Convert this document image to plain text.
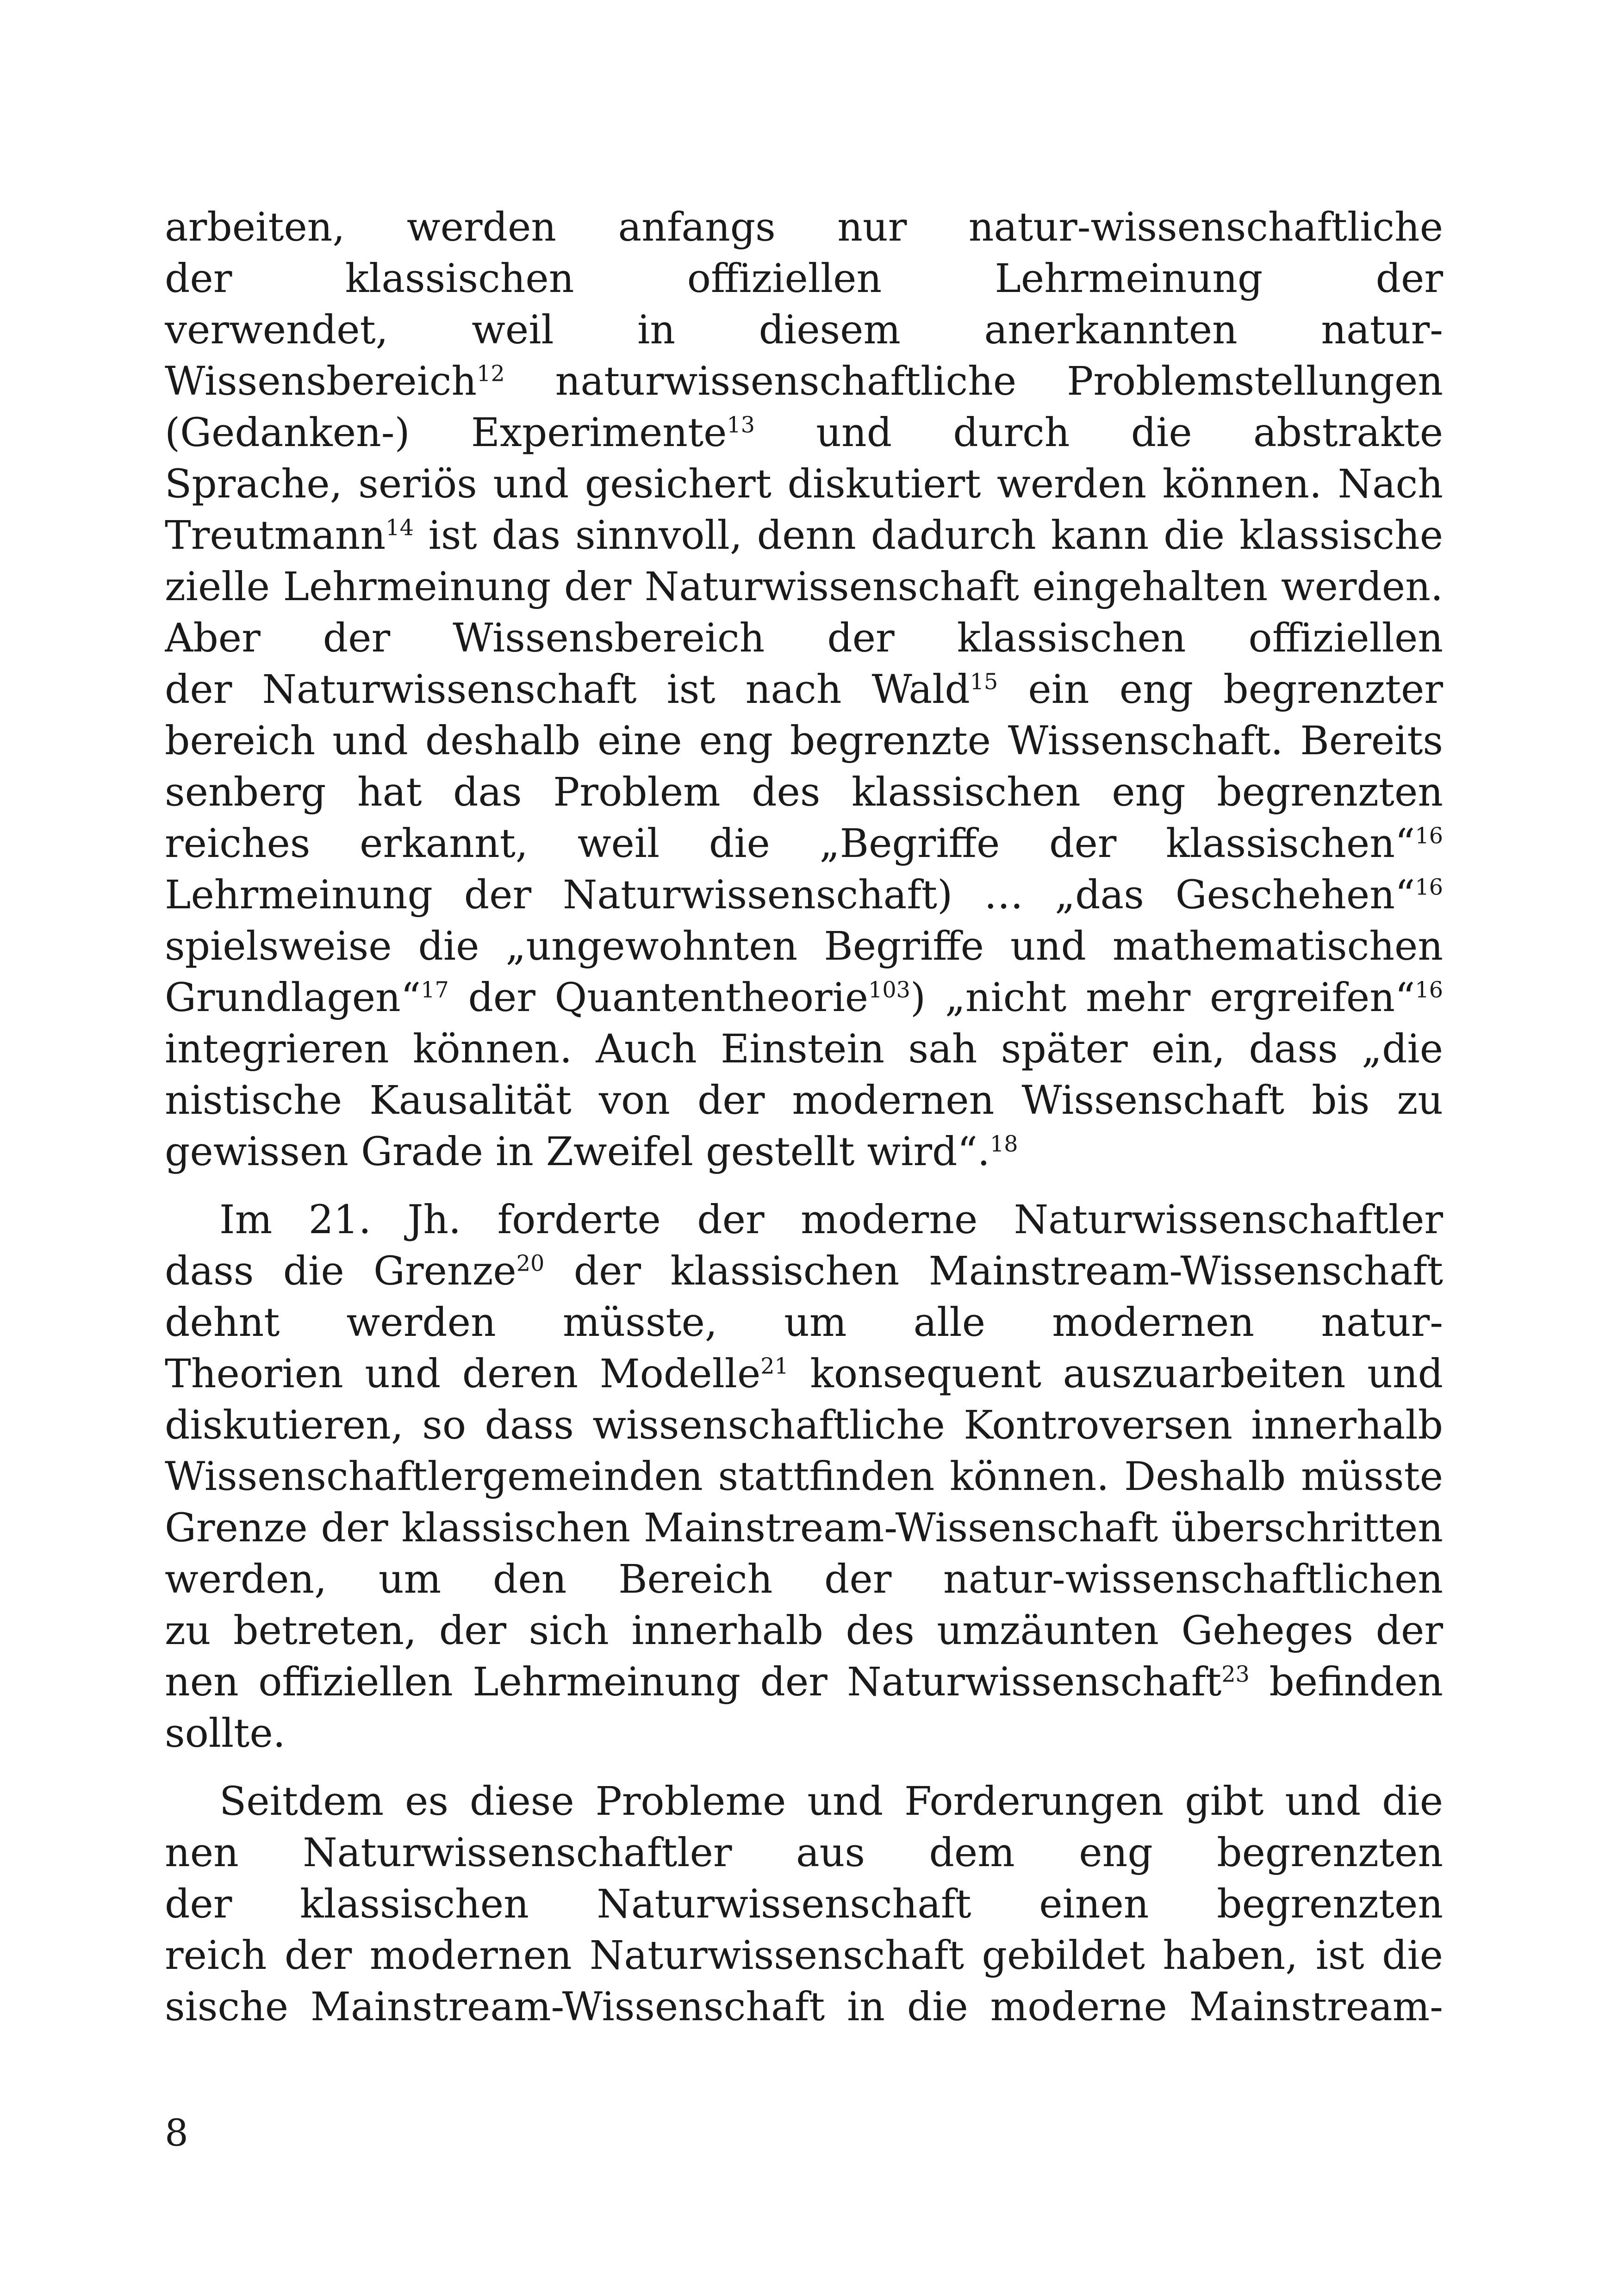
arbeiten, werden anfangs nur natur-wissenschaftliche
der klassischen offiziellen Lehrmeinung der
verwendet, weil in diesem anerkannten natur-
Wissensbereich$^{12}$ naturwissenschaftliche Problemstellungen
(Gedanken-) Experimente$^{13}$ und durch die abstrakte
Sprache, seriös und gesichert diskutiert werden können. Nach
Treutmann$^{14}$ ist das sinnvoll, denn dadurch kann die klassische
zielle Lehrmeinung der Naturwissenschaft eingehalten werden.
Aber der Wissensbereich der klassischen offiziellen
der Naturwissenschaft ist nach Wald$^{15}$ ein eng begrenzter
bereich und deshalb eine eng begrenzte Wissenschaft. Bereits
senberg hat das Problem des klassischen eng begrenzten
reiches erkannt, weil die „Begriffe der klassischen“$^{16}$
Lehrmeinung der Naturwissenschaft) … „das Geschehen“$^{16}$
spielsweise die „ungewohnten Begriffe und mathematischen
Grundlagen“$^{17}$ der Quantentheorie$^{103}$) „nicht mehr ergreifen“$^{16}$
integrieren können. Auch Einstein sah später ein, dass „die
nistische Kausalität von der modernen Wissenschaft bis zu
gewissen Grade in Zweifel gestellt wird“.$^{18}$
Im 21. Jh. forderte der moderne Naturwissenschaftler
dass die Grenze$^{20}$ der klassischen Mainstream-Wissenschaft
dehnt werden müsste, um alle modernen natur-
Theorien und deren Modelle$^{21}$ konsequent auszuarbeiten und
diskutieren, so dass wissenschaftliche Kontroversen innerhalb
Wissenschaftlergemeinden stattfinden können. Deshalb müsste
Grenze der klassischen Mainstream-Wissenschaft überschritten
werden, um den Bereich der natur-wissenschaftlichen
zu betreten, der sich innerhalb des umzäunten Geheges der
nen offiziellen Lehrmeinung der Naturwissenschaft$^{23}$ befinden
sollte.
Seitdem es diese Probleme und Forderungen gibt und die
nen Naturwissenschaftler aus dem eng begrenzten
der klassischen Naturwissenschaft einen begrenzten
reich der modernen Naturwissenschaft gebildet haben, ist die
sische Mainstream-Wissenschaft in die moderne Mainstream-
8
